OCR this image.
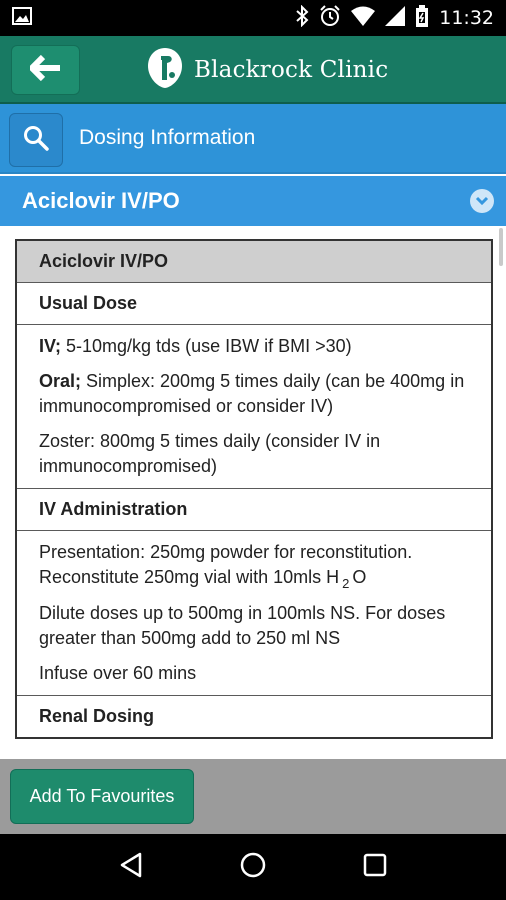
11:32
Blackrock Clinic
Dosing Information
Aciclovir IV/PO
Aciclovir IV/PO
Usual Dose

IV; 5-10mg/kg tds (use IBW if BMI >30)
Oral; Simplex: 200mg 5 times daily (can be 400mg in immunocompromised or consider IV)
Zoster: 800mg 5 times daily (consider IV in immunocompromised)

IV Administration

Presentation: 250mg powder for reconstitution. Reconstitute 250mg vial with 10mls H $_2$ O
Dilute doses up to 500mg in 100mls NS. For doses greater than 500mg add to 250 ml NS
Infuse over 60 mins

Renal Dosing
Add To Favourites
